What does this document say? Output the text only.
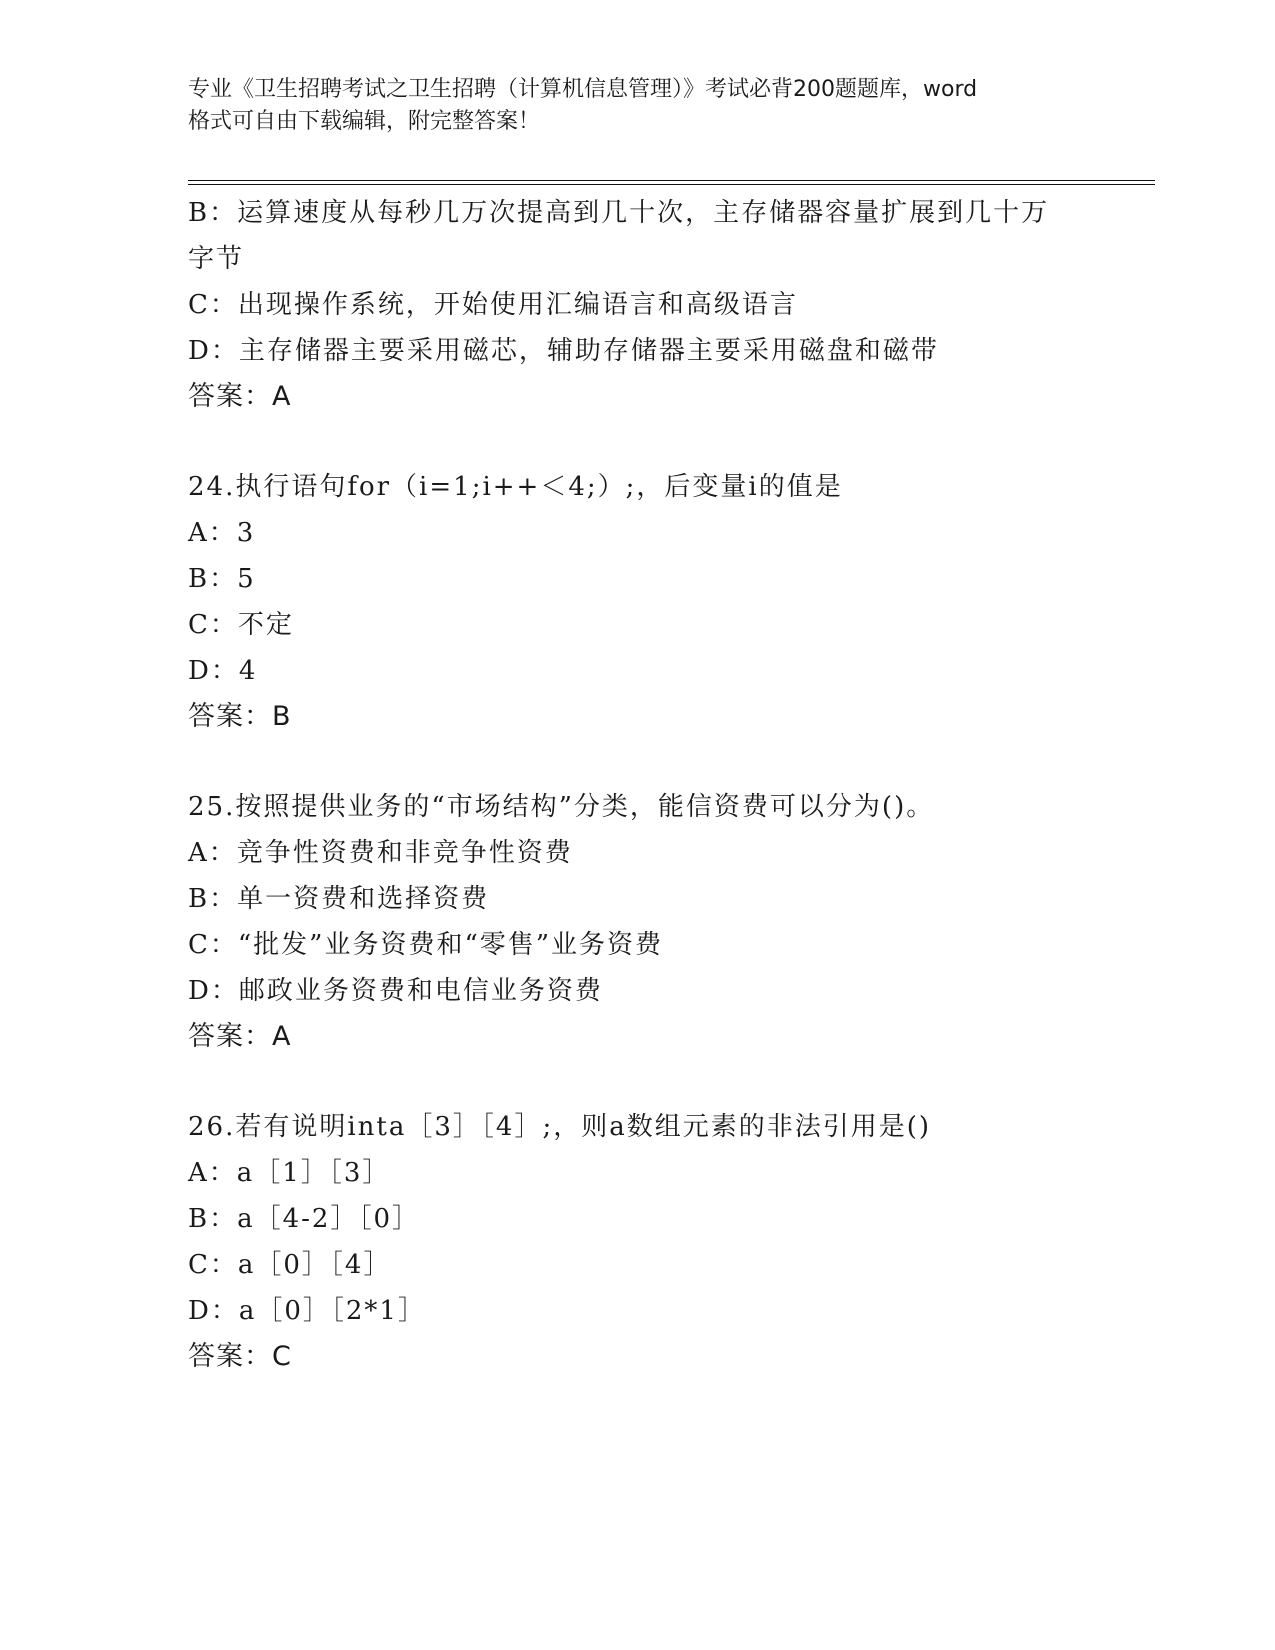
专业《卫生招聘考试之卫生招聘（计算机信息管理）》考试必背200题题库，word
格式可自由下载编辑，附完整答案！
B：运算速度从每秒几万次提高到几十次，主存储器容量扩展到几十万
字节
C：出现操作系统，开始使用汇编语言和高级语言
D：主存储器主要采用磁芯，辅助存储器主要采用磁盘和磁带
答案：A
24.执行语句for（i=1;i++＜4;）;，后变量i的值是
A：3
B：5
C：不定
D：4
答案：B
25.按照提供业务的“市场结构”分类，能信资费可以分为()。
A：竞争性资费和非竞争性资费
B：单一资费和选择资费
C：“批发”业务资费和“零售”业务资费
D：邮政业务资费和电信业务资费
答案：A
26.若有说明inta［3］［4］;，则a数组元素的非法引用是()
A：a［1］［3］
B：a［4-2］［0］
C：a［0］［4］
D：a［0］［2*1］
答案：C
